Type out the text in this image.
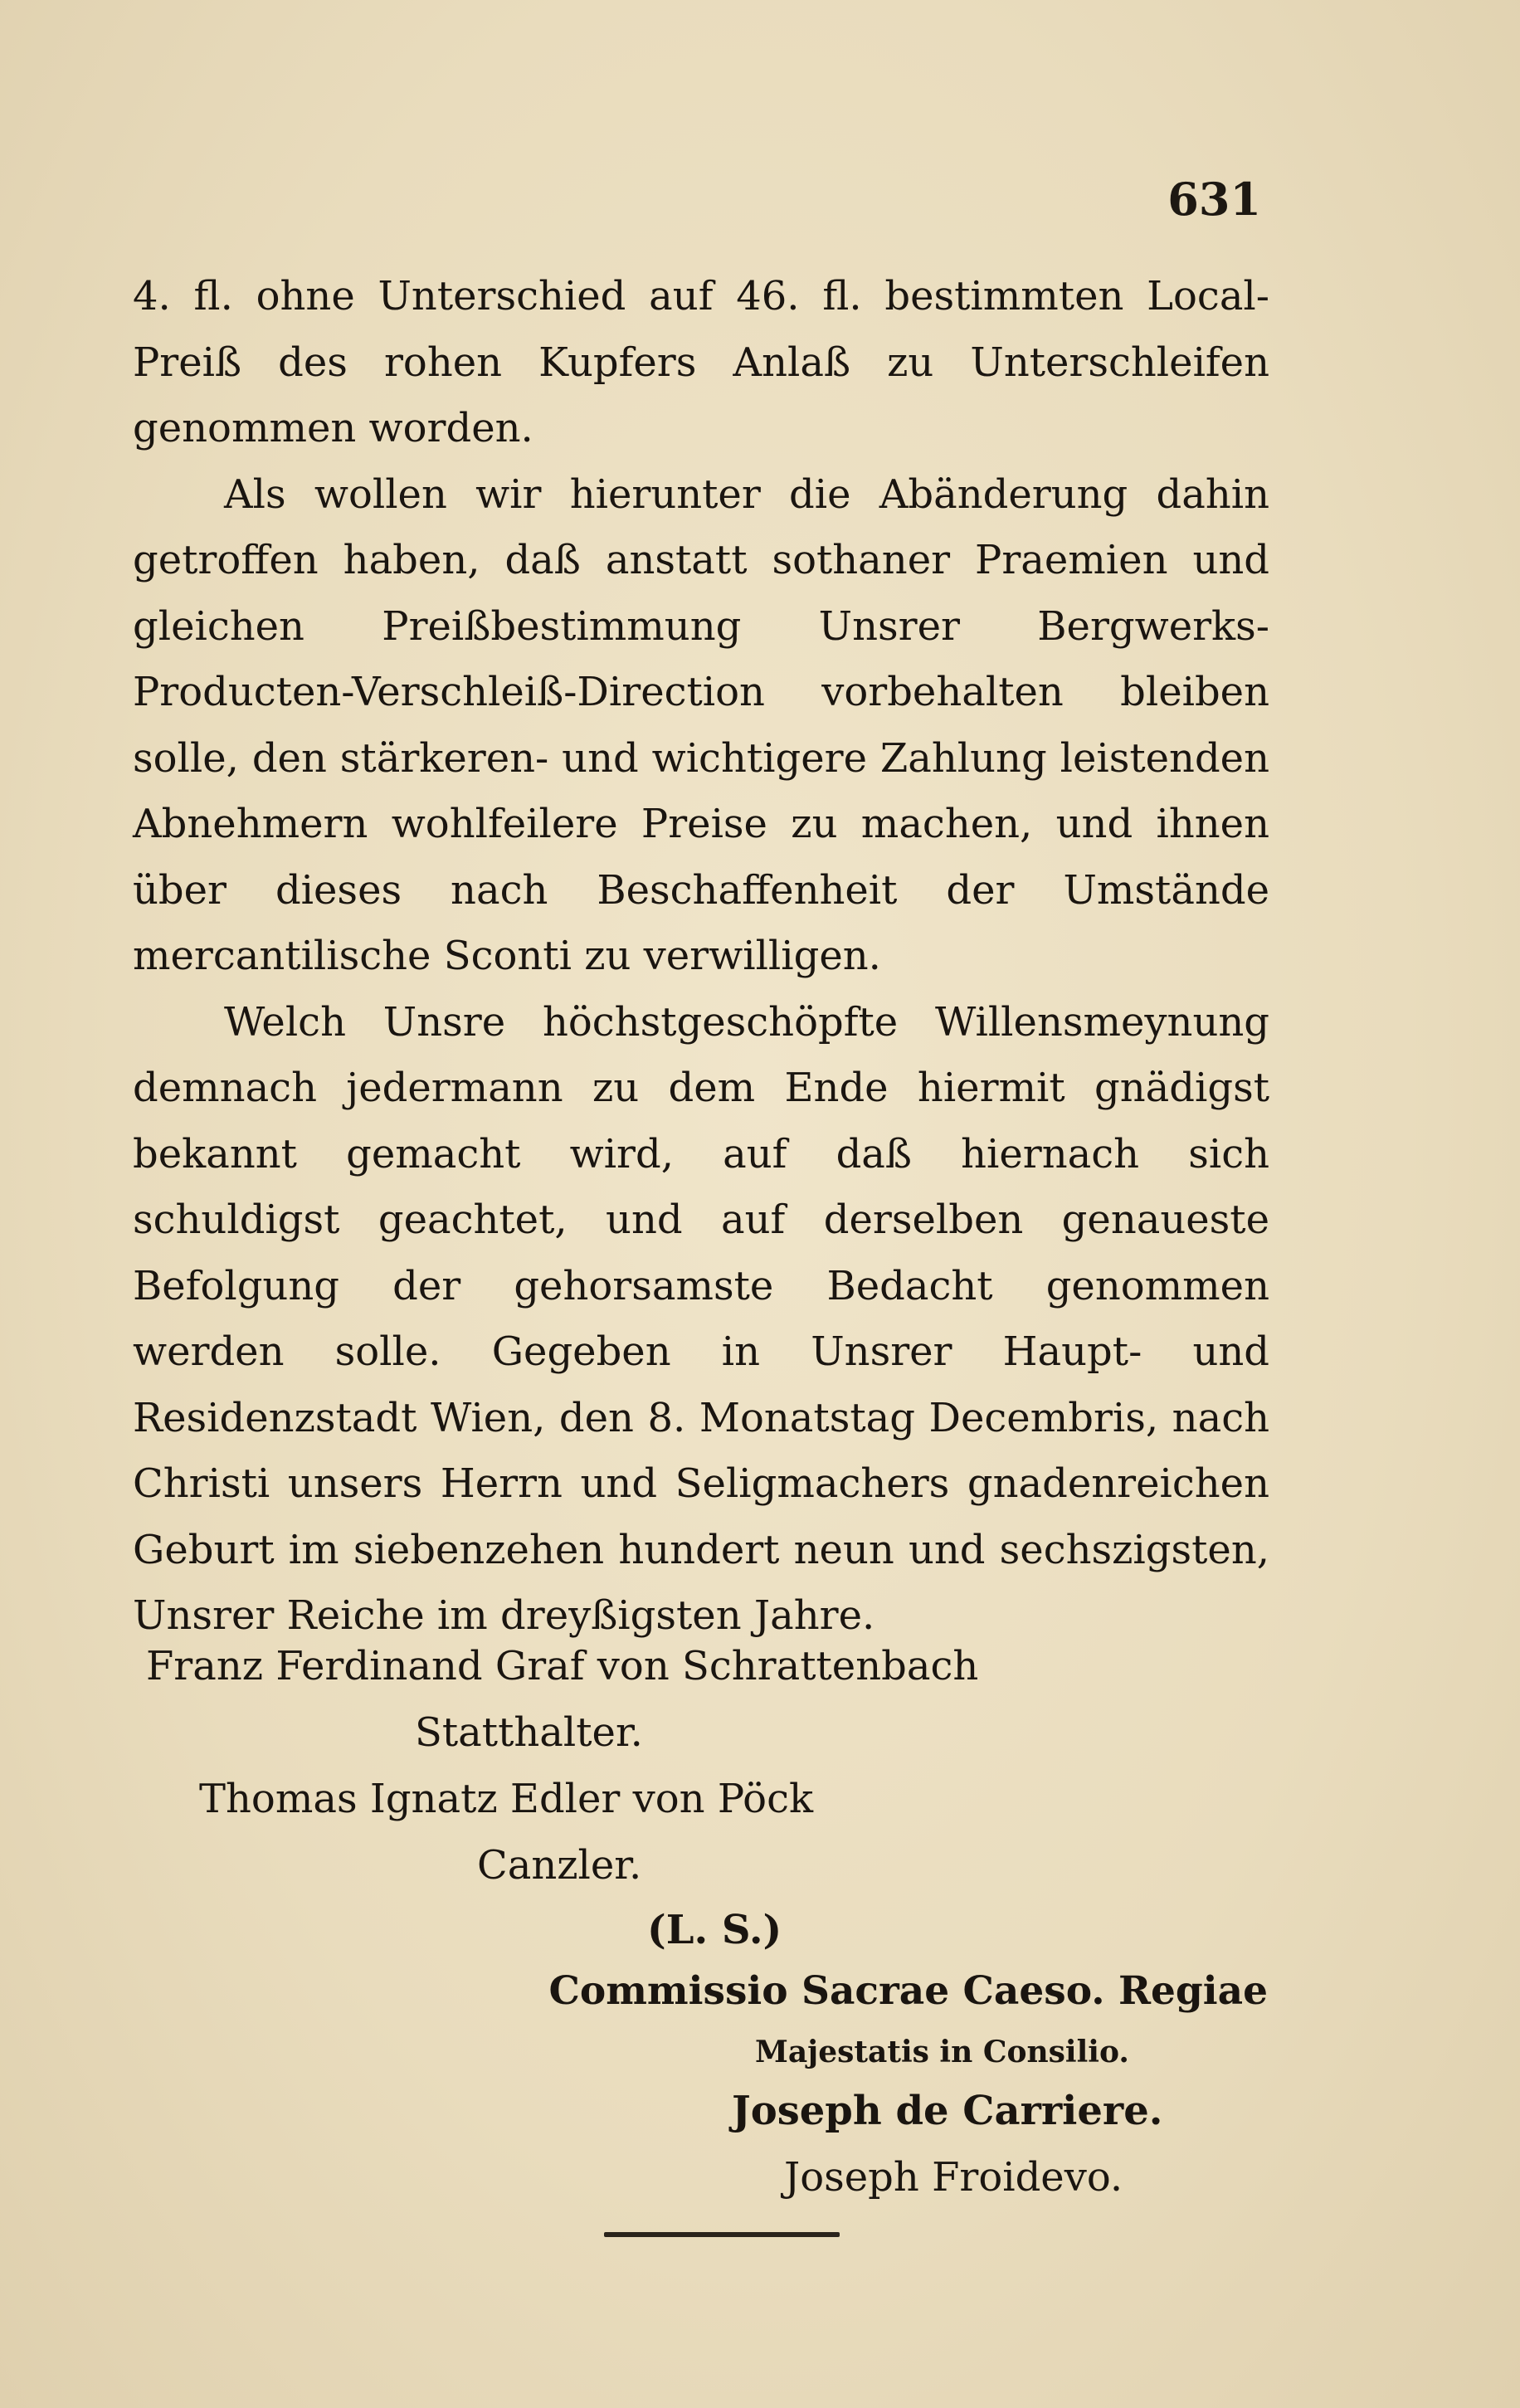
631

4. fl. ohne Unterschied auf 46. fl. bestimmten Local-Preiß des rohen Kupfers Anlaß zu Unterschleifen genommen worden.

Als wollen wir hierunter die Abänderung dahin getroffen haben, daß anstatt sothaner Praemien und gleichen Preißbestimmung Unsrer Bergwerks- Producten-Verschleiß-Direction vorbehalten bleiben solle, den stärkeren- und wichtigere Zahlung leistenden Abnehmern wohlfeilere Preise zu machen, und ihnen über dieses nach Beschaffenheit der Umstände mercantilische Sconti zu verwilligen.

Welch Unsre höchstgeschöpfte Willensmeynung demnach jedermann zu dem Ende hiermit gnädigst bekannt gemacht wird, auf daß hiernach sich schuldigst geachtet, und auf derselben genaueste Befolgung der gehorsamste Bedacht genommen werden solle. Gegeben in Unsrer Haupt- und Residenzstadt Wien, den 8. Monatstag Decembris, nach Christi unsers Herrn und Seligmachers gnadenreichen Geburt im siebenzehen hundert neun und sechszigsten, Unsrer Reiche im dreyßigsten Jahre.

Franz Ferdinand Graf von Schrattenbach
Statthalter.
Thomas Ignatz Edler von Pöck
Canzler.
(L. S.)
Commissio Sacrae Caeso. Regiae
Majestatis in Consilio.
Joseph de Carriere.
Joseph Froidevo.
